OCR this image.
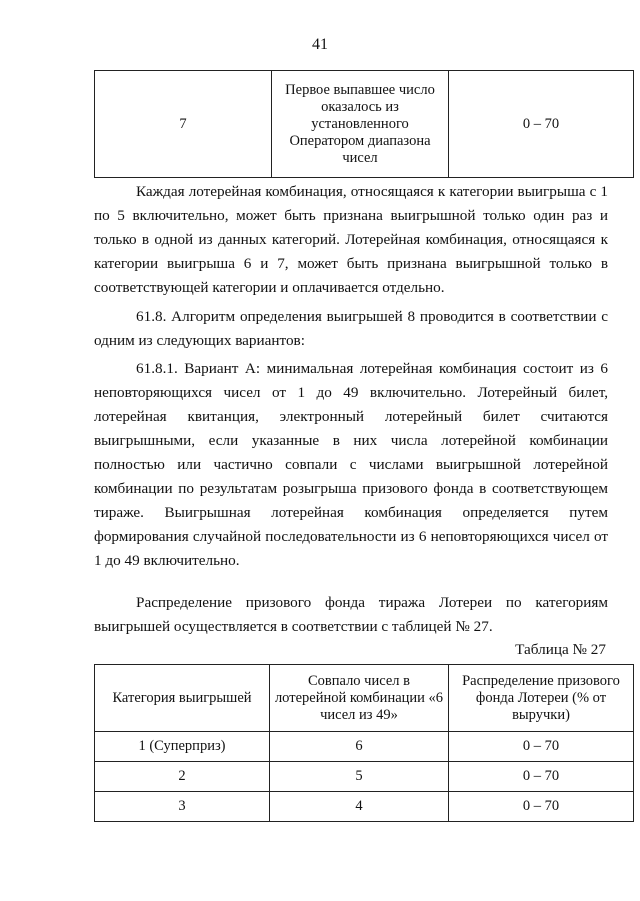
41
7	Первое выпавшее число оказалось из установленного Оператором диапазона чисел	0 – 70

Каждая лотерейная комбинация, относящаяся к категории выигрыша с 1 по 5 включительно, может быть признана выигрышной только один раз и только в одной из данных категорий. Лотерейная комбинация, относящаяся к категории выигрыша 6 и 7, может быть признана выигрышной только в соответствующей категории и оплачивается отдельно.

61.8. Алгоритм определения выигрышей 8 проводится в соответствии с одним из следующих вариантов:

61.8.1. Вариант А: минимальная лотерейная комбинация состоит из 6 неповторяющихся чисел от 1 до 49 включительно. Лотерейный билет, лотерейная квитанция, электронный лотерейный билет считаются выигрышными, если указанные в них числа лотерейной комбинации полностью или частично совпали с числами выигрышной лотерейной комбинации по результатам розыгрыша призового фонда в соответствующем тираже. Выигрышная лотерейная комбинация определяется путем формирования случайной последовательности из 6 неповторяющихся чисел от 1 до 49 включительно.

Распределение призового фонда тиража Лотереи по категориям выигрышей осуществляется в соответствии с таблицей № 27.

Таблица № 27
Категория выигрышей	Совпало чисел в лотерейной комбинации «6 чисел из 49»	Распределение призового фонда Лотереи (% от выручки)
1 (Суперприз)	6	0 – 70
2	5	0 – 70
3	4	0 – 70
